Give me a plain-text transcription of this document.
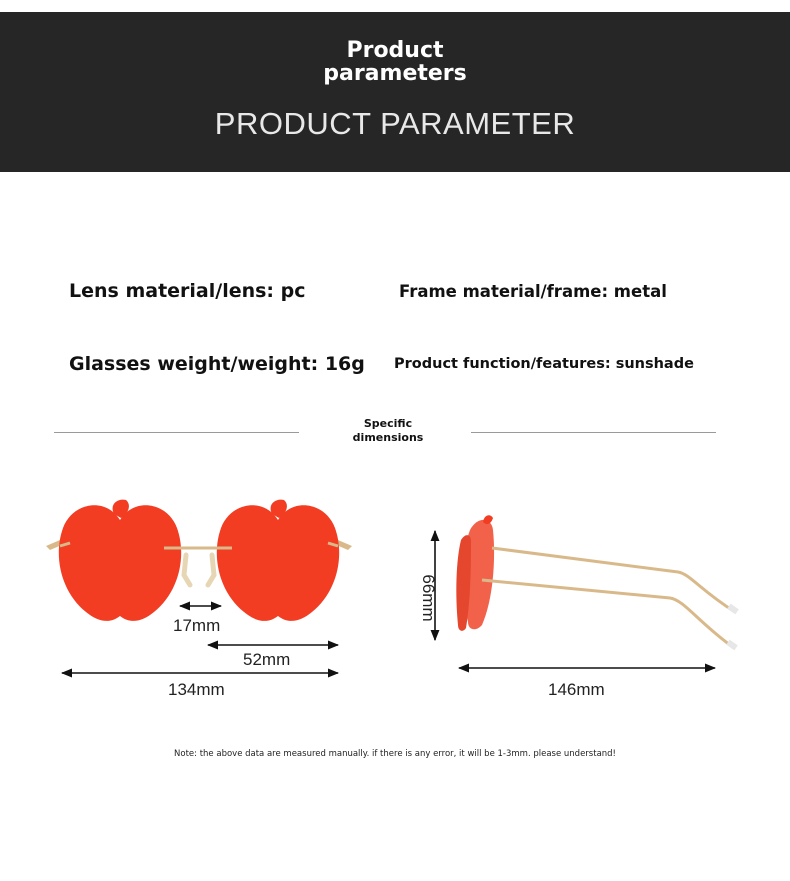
Product
parameters
PRODUCT PARAMETER
Lens material/lens: pc	Frame material/frame: metal
Glasses weight/weight: 16g Product function/features: sunshade
Specific
dimensions
17mm
52mm
134mm
66mm
146mm
Note: the above data are measured manually. if there is any error, it will be 1-3mm. please understand!
